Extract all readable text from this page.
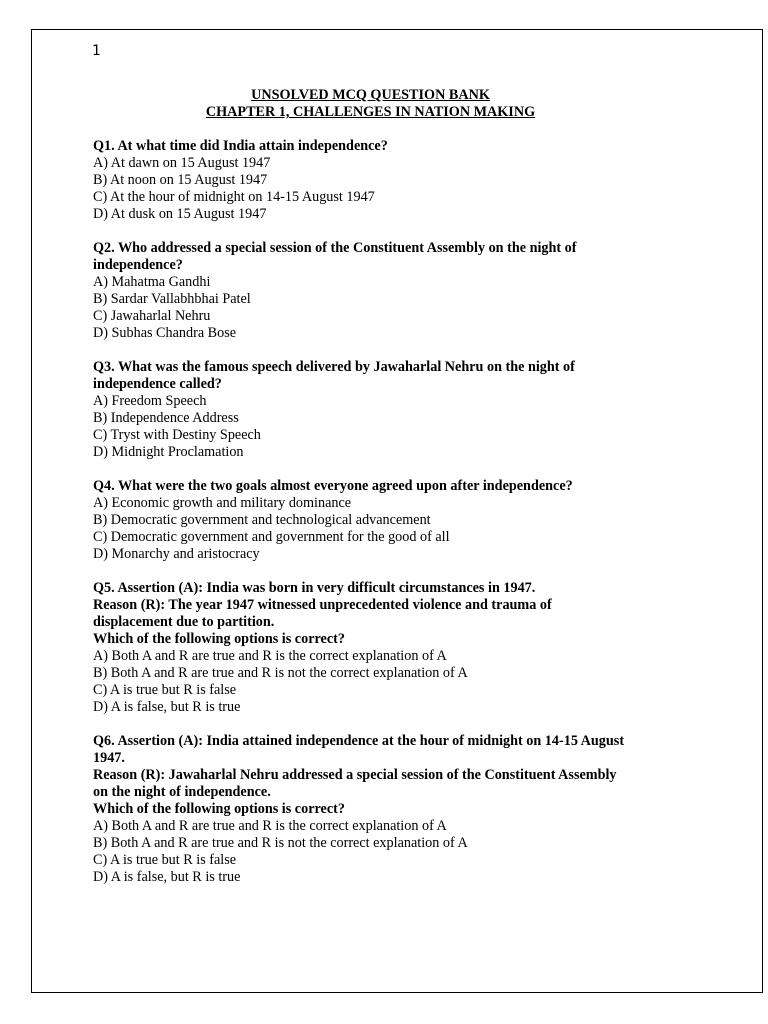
1

UNSOLVED MCQ QUESTION BANK

CHAPTER 1, CHALLENGES IN NATION MAKING

Q1. At what time did India attain independence?
A) At dawn on 15 August 1947
B) At noon on 15 August 1947
C) At the hour of midnight on 14-15 August 1947
D) At dusk on 15 August 1947
Q2. Who addressed a special session of the Constituent Assembly on the night of
independence?
A) Mahatma Gandhi
B) Sardar Vallabhbhai Patel
C) Jawaharlal Nehru
D) Subhas Chandra Bose
Q3. What was the famous speech delivered by Jawaharlal Nehru on the night of
independence called?
A) Freedom Speech
B) Independence Address
C) Tryst with Destiny Speech
D) Midnight Proclamation
Q4. What were the two goals almost everyone agreed upon after independence?
A) Economic growth and military dominance
B) Democratic government and technological advancement
C) Democratic government and government for the good of all
D) Monarchy and aristocracy
Q5. Assertion (A): India was born in very difficult circumstances in 1947.
Reason (R): The year 1947 witnessed unprecedented violence and trauma of
displacement due to partition.
Which of the following options is correct?
A) Both A and R are true and R is the correct explanation of A
B) Both A and R are true and R is not the correct explanation of A
C) A is true but R is false
D) A is false, but R is true
Q6. Assertion (A): India attained independence at the hour of midnight on 14-15 August
1947.
Reason (R): Jawaharlal Nehru addressed a special session of the Constituent Assembly
on the night of independence.
Which of the following options is correct?
A) Both A and R are true and R is the correct explanation of A
B) Both A and R are true and R is not the correct explanation of A
C) A is true but R is false
D) A is false, but R is true
